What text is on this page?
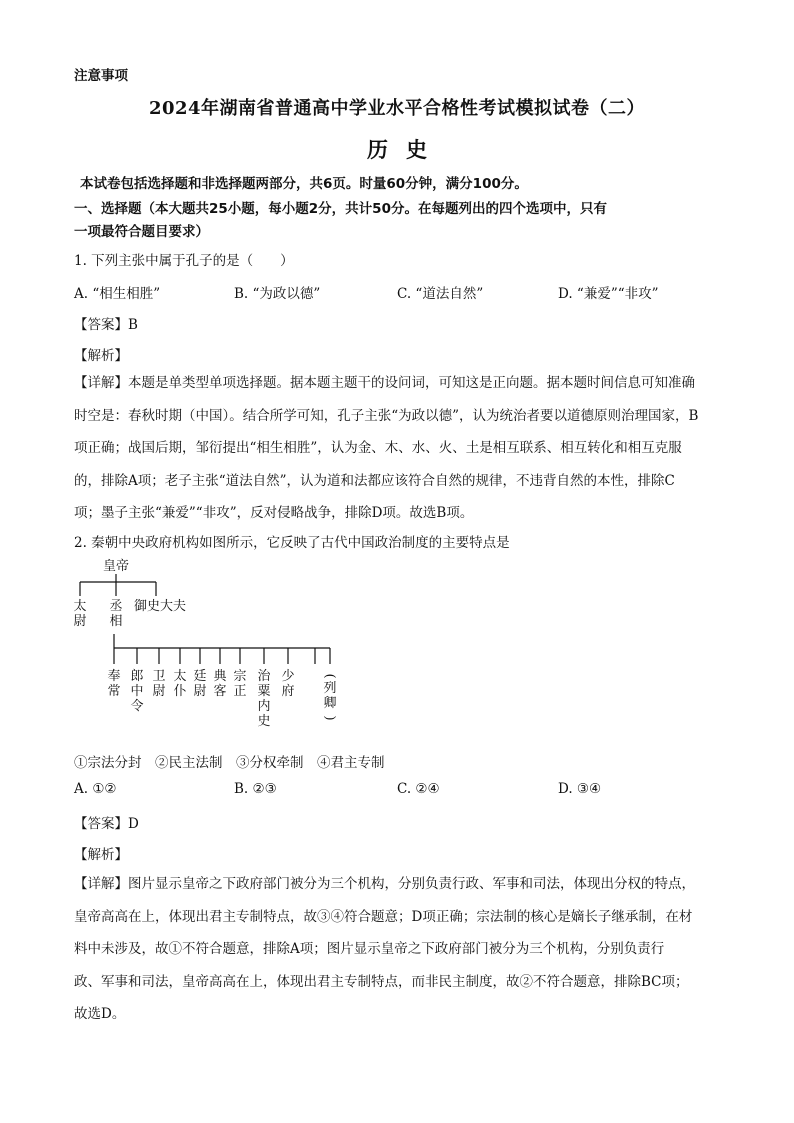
注意事项
2024年湖南省普通高中学业水平合格性考试模拟试卷（二）
历史
本试卷包括选择题和非选择题两部分，共6页。时量60分钟，满分100分。
一、选择题（本大题共25小题，每小题2分，共计50分。在每题列出的四个选项中，只有
一项最符合题目要求）
1. 下列主张中属于孔子的是（　　）
A. “相生相胜”	B. “为政以德”	C. “道法自然”	D. “兼爱”“非攻”
【答案】B
【解析】
【详解】本题是单类型单项选择题。据本题主题干的设问词，可知这是正向题。据本题时间信息可知准确
时空是：春秋时期（中国）。结合所学可知，孔子主张“为政以德”，认为统治者要以道德原则治理国家，B
项正确；战国后期，邹衍提出“相生相胜”，认为金、木、水、火、土是相互联系、相互转化和相互克服
的，排除A项；老子主张“道法自然”，认为道和法都应该符合自然的规律，不违背自然的本性，排除C
项；墨子主张“兼爱”“非攻”，反对侵略战争，排除D项。故选B项。
2. 秦朝中央政府机构如图所示，它反映了古代中国政治制度的主要特点是
皇帝
太
尉
丞
相
御史大夫
奉
常
郎
中
令
卫
尉
太
仆
廷
尉
典
客
宗
正
治
粟
内
史
少
府
(
列
卿
)
①宗法分封　②民主法制　③分权牵制　④君主专制
A. ①②	B. ②③	C. ②④	D. ③④
【答案】D
【解析】
【详解】图片显示皇帝之下政府部门被分为三个机构，分别负责行政、军事和司法，体现出分权的特点，
皇帝高高在上，体现出君主专制特点，故③④符合题意；D项正确；宗法制的核心是嫡长子继承制，在材
料中未涉及，故①不符合题意，排除A项；图片显示皇帝之下政府部门被分为三个机构，分别负责行
政、军事和司法，皇帝高高在上，体现出君主专制特点，而非民主制度，故②不符合题意，排除BC项；
故选D。
